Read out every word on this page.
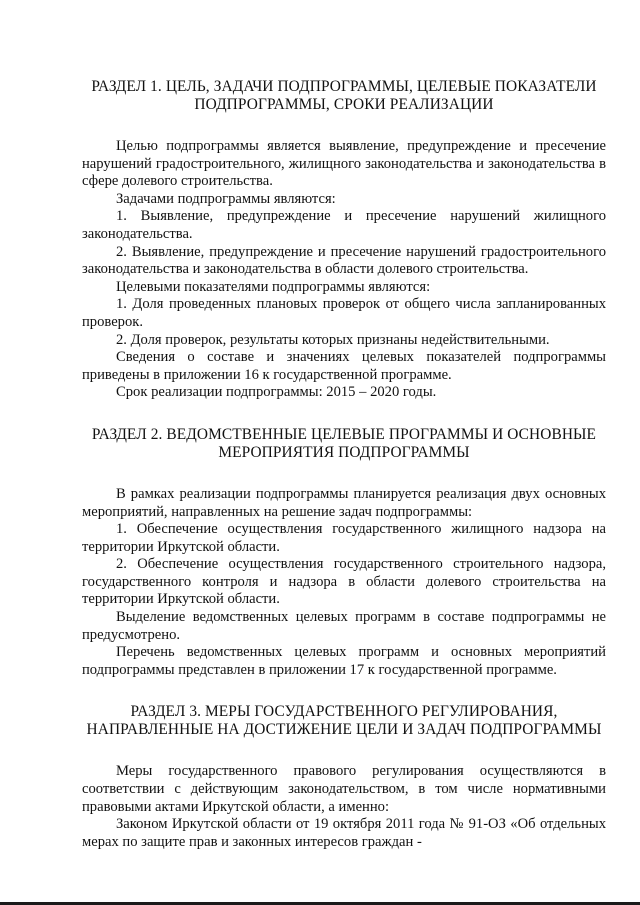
РАЗДЕЛ 1. ЦЕЛЬ, ЗАДАЧИ ПОДПРОГРАММЫ, ЦЕЛЕВЫЕ ПОКАЗАТЕЛИ
ПОДПРОГРАММЫ, СРОКИ РЕАЛИЗАЦИИ

Целью подпрограммы является выявление, предупреждение и пресечение нарушений градостроительного, жилищного законодательства и законодательства в сфере долевого строительства.

Задачами подпрограммы являются:

1. Выявление, предупреждение и пресечение нарушений жилищного законодательства.

2. Выявление, предупреждение и пресечение нарушений градостроительного законодательства и законодательства в области долевого строительства.

Целевыми показателями подпрограммы являются:

1. Доля проведенных плановых проверок от общего числа запланированных проверок.

2. Доля проверок, результаты которых признаны недействительными.

Сведения о составе и значениях целевых показателей подпрограммы приведены в приложении 16 к государственной программе.

Срок реализации подпрограммы: 2015 – 2020 годы.

РАЗДЕЛ 2. ВЕДОМСТВЕННЫЕ ЦЕЛЕВЫЕ ПРОГРАММЫ И ОСНОВНЫЕ
МЕРОПРИЯТИЯ ПОДПРОГРАММЫ

В рамках реализации подпрограммы планируется реализация двух основных мероприятий, направленных на решение задач подпрограммы:

1. Обеспечение осуществления государственного жилищного надзора на территории Иркутской области.

2. Обеспечение осуществления государственного строительного надзора, государственного контроля и надзора в области долевого строительства на территории Иркутской области.

Выделение ведомственных целевых программ в составе подпрограммы не предусмотрено.

Перечень ведомственных целевых программ и основных мероприятий подпрограммы представлен в приложении 17 к государственной программе.

РАЗДЕЛ 3. МЕРЫ ГОСУДАРСТВЕННОГО РЕГУЛИРОВАНИЯ,
НАПРАВЛЕННЫЕ НА ДОСТИЖЕНИЕ ЦЕЛИ И ЗАДАЧ ПОДПРОГРАММЫ

Меры государственного правового регулирования осуществляются в соответствии с действующим законодательством, в том числе нормативными правовыми актами Иркутской области, а именно:

Законом Иркутской области от 19 октября 2011 года № 91-ОЗ «Об отдельных мерах по защите прав и законных интересов граждан -
